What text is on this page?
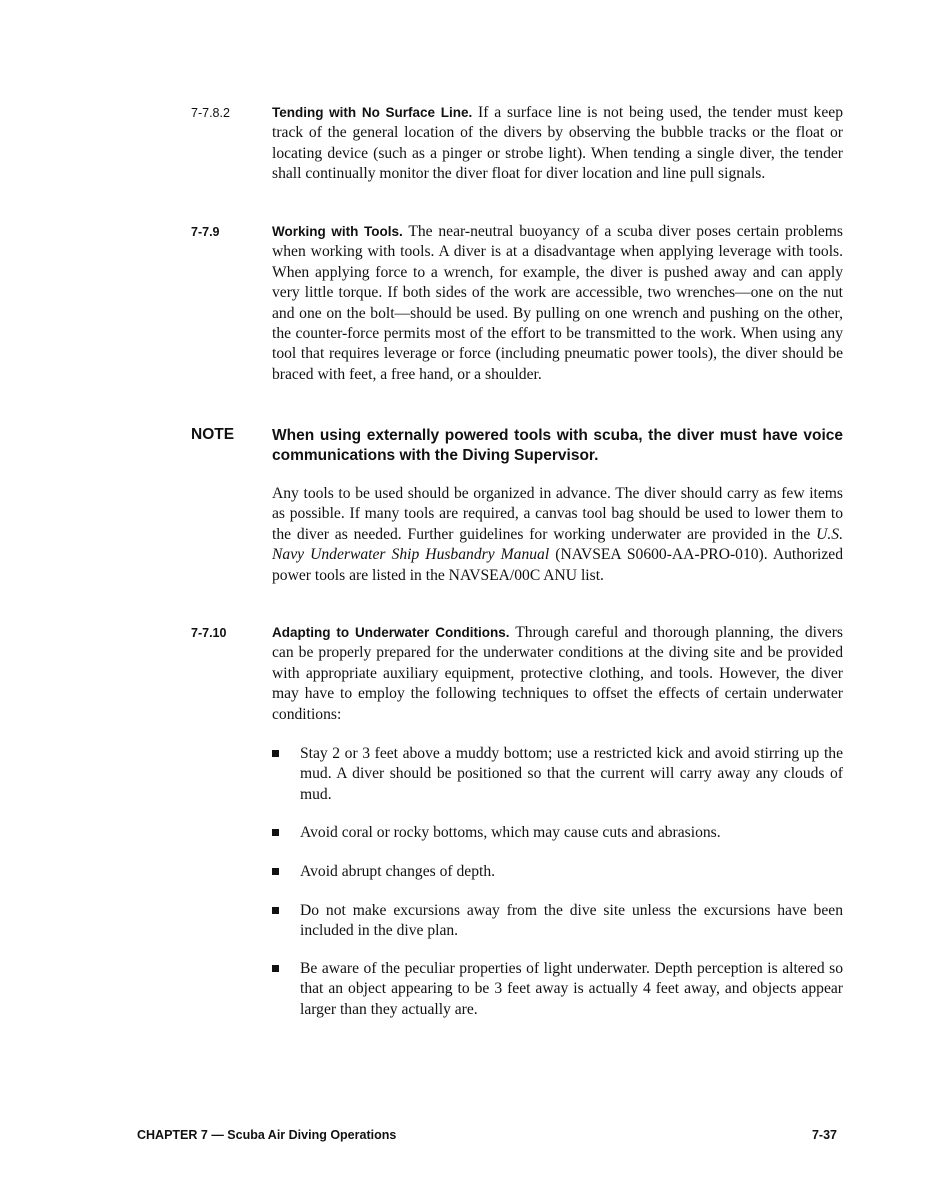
7-7.8.2	Tending with No Surface Line. If a surface line is not being used, the tender must keep track of the general location of the divers by observing the bubble tracks or the float or locating device (such as a pinger or strobe light). When tending a single diver, the tender shall continually monitor the diver float for diver location and line pull signals.
7-7.9	Working with Tools. The near-neutral buoyancy of a scuba diver poses certain problems when working with tools. A diver is at a disadvantage when applying leverage with tools. When applying force to a wrench, for example, the diver is pushed away and can apply very little torque. If both sides of the work are accessible, two wrenches—one on the nut and one on the bolt—should be used. By pulling on one wrench and pushing on the other, the counter-force permits most of the effort to be transmitted to the work. When using any tool that requires leverage or force (including pneumatic power tools), the diver should be braced with feet, a free hand, or a shoulder.
NOTE When using externally powered tools with scuba, the diver must have voice communications with the Diving Supervisor.
Any tools to be used should be organized in advance. The diver should carry as few items as possible. If many tools are required, a canvas tool bag should be used to lower them to the diver as needed. Further guidelines for working underwater are provided in the U.S. Navy Underwater Ship Husbandry Manual (NAVSEA S0600-AA-PRO-010). Authorized power tools are listed in the NAVSEA/00C ANU list.
7-7.10	Adapting to Underwater Conditions. Through careful and thorough planning, the divers can be properly prepared for the underwater conditions at the diving site and be provided with appropriate auxiliary equipment, protective clothing, and tools. However, the diver may have to employ the following techniques to offset the effects of certain underwater conditions:
Stay 2 or 3 feet above a muddy bottom; use a restricted kick and avoid stirring up the mud. A diver should be positioned so that the current will carry away any clouds of mud.
Avoid coral or rocky bottoms, which may cause cuts and abrasions.
Avoid abrupt changes of depth.
Do not make excursions away from the dive site unless the excursions have been included in the dive plan.
Be aware of the peculiar properties of light underwater. Depth perception is altered so that an object appearing to be 3 feet away is actually 4 feet away, and objects appear larger than they actually are.
CHAPTER 7 — Scuba Air Diving Operations	7-37
